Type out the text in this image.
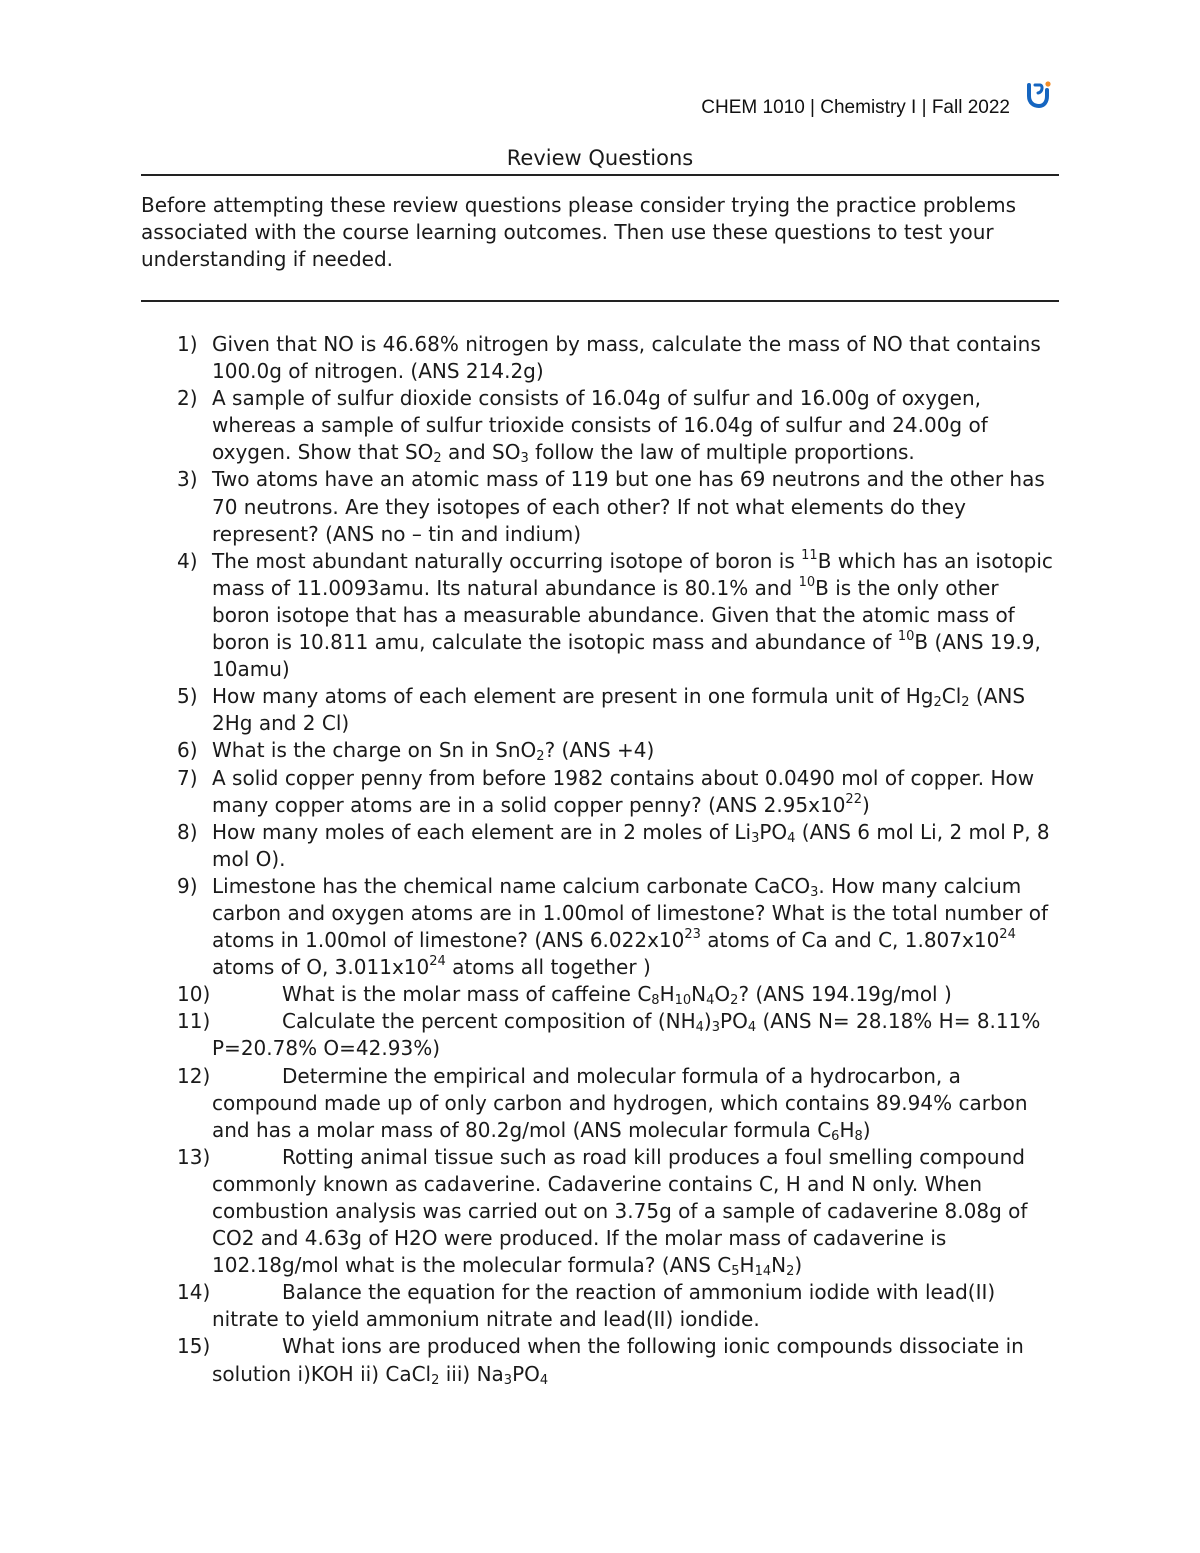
CHEM 1010 | Chemistry I | Fall 2022
Review Questions

Before attempting these review questions please consider trying the practice problems associated with the course learning outcomes. Then use these questions to test your understanding if needed.

1) Given that NO is 46.68% nitrogen by mass, calculate the mass of NO that contains 100.0g of nitrogen. (ANS 214.2g)
2) A sample of sulfur dioxide consists of 16.04g of sulfur and 16.00g of oxygen, whereas a sample of sulfur trioxide consists of 16.04g of sulfur and 24.00g of oxygen. Show that $SO_2$ and $SO_3$ follow the law of multiple proportions.
3) Two atoms have an atomic mass of 119 but one has 69 neutrons and the other has 70 neutrons. Are they isotopes of each other? If not what elements do they represent? (ANS no – tin and indium)
4) The most abundant naturally occurring isotope of boron is $^{11}$B which has an isotopic mass of 11.0093amu. Its natural abundance is 80.1% and $^{10}$B is the only other boron isotope that has a measurable abundance. Given that the atomic mass of boron is 10.811 amu, calculate the isotopic mass and abundance of $^{10}$B (ANS 19.9, 10amu)
5) How many atoms of each element are present in one formula unit of $Hg_2Cl_2$ (ANS 2Hg and 2 Cl)
6) What is the charge on Sn in SnO$_2$? (ANS +4)
7) A solid copper penny from before 1982 contains about 0.0490 mol of copper. How many copper atoms are in a solid copper penny? (ANS $2.95x10^{22}$)
8) How many moles of each element are in 2 moles of $Li_3PO_4$ (ANS 6 mol Li, 2 mol P, 8 mol O).
9) Limestone has the chemical name calcium carbonate CaCO$_3$. How many calcium carbon and oxygen atoms are in 1.00mol of limestone? What is the total number of atoms in 1.00mol of limestone? (ANS $6.022x10^{23}$ atoms of Ca and C, $1.807x10^{24}$ atoms of O, $3.011x10^{24}$ atoms all together )
10)	What is the molar mass of caffeine $C_8H_{10}N_4O_2$? (ANS 194.19g/mol )
11)	Calculate the percent composition of $(NH_4)_3PO_4$ (ANS N= 28.18% H= 8.11% P=20.78% O=42.93%)
12)	Determine the empirical and molecular formula of a hydrocarbon, a compound made up of only carbon and hydrogen, which contains 89.94% carbon and has a molar mass of 80.2g/mol (ANS molecular formula $C_6H_8$)
13)	Rotting animal tissue such as road kill produces a foul smelling compound commonly known as cadaverine. Cadaverine contains C, H and N only. When combustion analysis was carried out on 3.75g of a sample of cadaverine 8.08g of CO2 and 4.63g of H2O were produced. If the molar mass of cadaverine is 102.18g/mol what is the molecular formula? (ANS $C_5H_{14}N_2$)
14)	Balance the equation for the reaction of ammonium iodide with lead(II) nitrate to yield ammonium nitrate and lead(II) iondide.
15)	What ions are produced when the following ionic compounds dissociate in solution i)KOH ii) CaCl$_2$ iii) $Na_3PO_4$
